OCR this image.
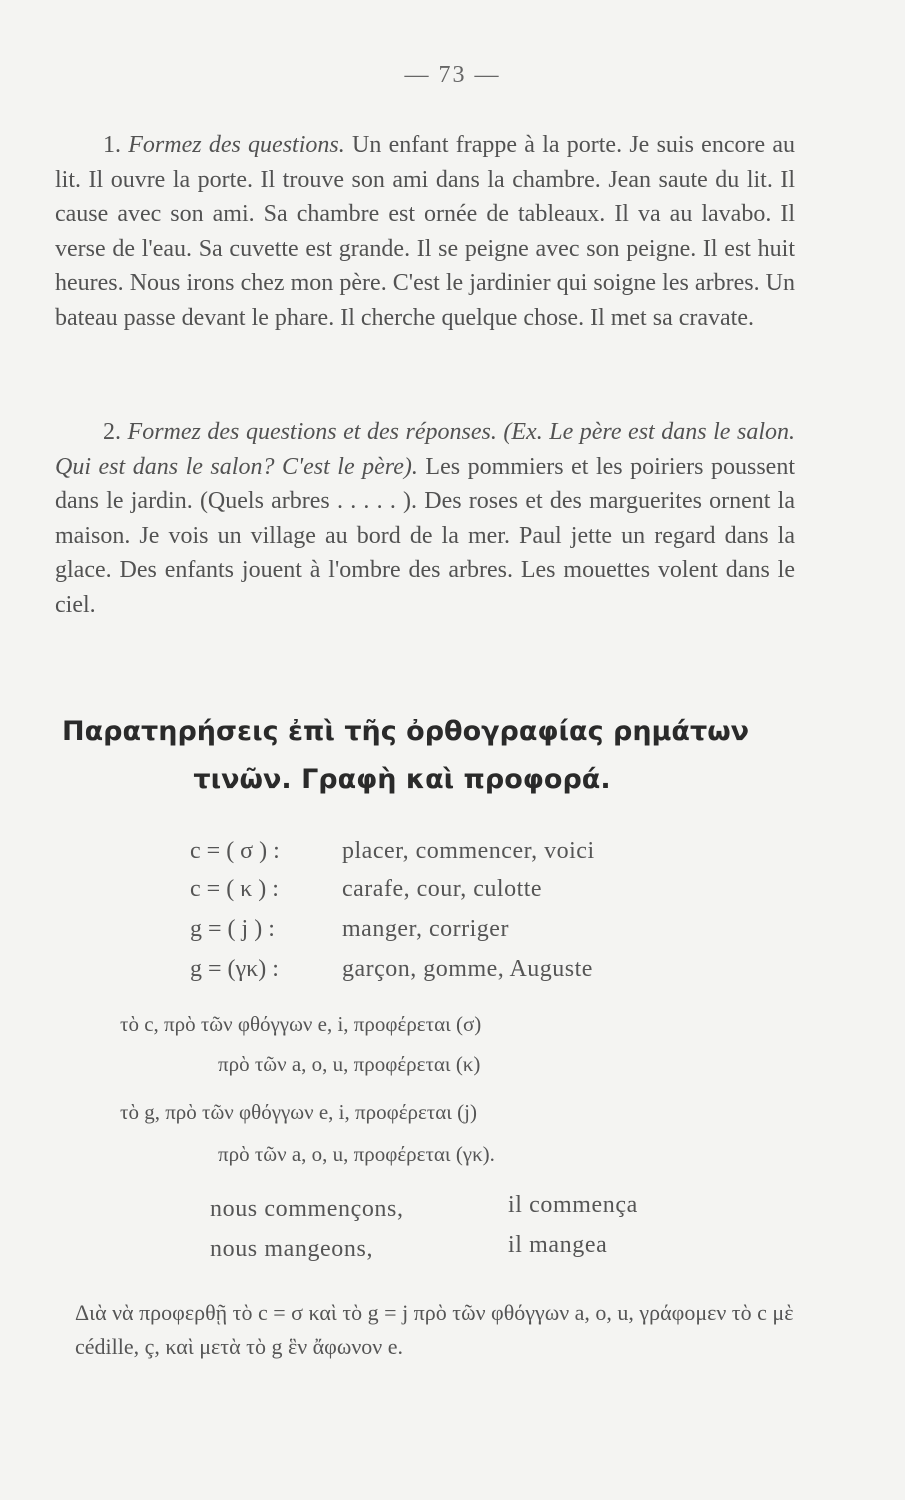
— 73 —
1. Formez des questions. Un enfant frappe à la porte. Je suis encore au lit. Il ouvre la porte. Il trouve son ami dans la chambre. Jean saute du lit. Il cause avec son ami. Sa chambre est ornée de tableaux. Il va au lavabo. Il verse de l'eau. Sa cuvette est grande. Il se peigne avec son peigne. Il est huit heures. Nous irons chez mon père. C'est le jardinier qui soigne les arbres. Un bateau passe devant le phare. Il cherche quelque chose. Il met sa cravate.
2. Formez des questions et des réponses. (Ex. Le père est dans le salon. Qui est dans le salon? C'est le père). Les pommiers et les poiriers poussent dans le jardin. (Quels arbres . . . . . ). Des roses et des marguerites ornent la maison. Je vois un village au bord de la mer. Paul jette un regard dans la glace. Des enfants jouent à l'ombre des arbres. Les mouettes volent dans le ciel.
Παρατηρήσεις ἐπὶ τῆς ὀρθογραφίας ρημάτων
τινῶν. Γραφὴ καὶ προφορά.
c = ( σ ) :	placer, commencer, voici
c = ( κ ) :	carafe, cour, culotte
g = ( j ) :	manger, corriger
g = (γκ) :	garçon, gomme, Auguste
τὸ c, πρὸ τῶν φθόγγων e, i, προφέρεται (σ)
πρὸ τῶν a, o, u, προφέρεται (κ)
τὸ g, πρὸ τῶν φθόγγων e, i, προφέρεται (j)
πρὸ τῶν a, o, u, προφέρεται (γκ).
nous commençons,	il commença
nous mangeons,	il mangea
Διὰ νὰ προφερθῇ τὸ c = σ καὶ τὸ g = j πρὸ τῶν φθόγγων a, o, u, γράφομεν τὸ c μὲ cédille, ç, καὶ μετὰ τὸ g ἓν ἄφωνον e.
